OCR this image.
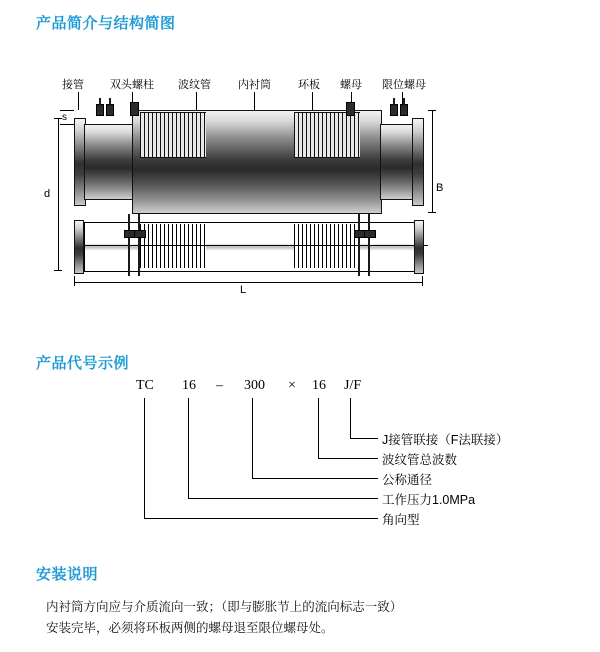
产品简介与结构简图
产品代号示例
安装说明
接管 双头螺柱 波纹管 内衬筒 环板 螺母 限位螺母
d	B
L
s
TC 16 – 300 × 16 J/F
J接管联接（F法联接）
波纹管总波数
公称通径
工作压力1.0MPa
角向型
内衬筒方向应与介质流向一致；（即与膨胀节上的流向标志一致）
安装完毕，必须将环板两侧的螺母退至限位螺母处。
